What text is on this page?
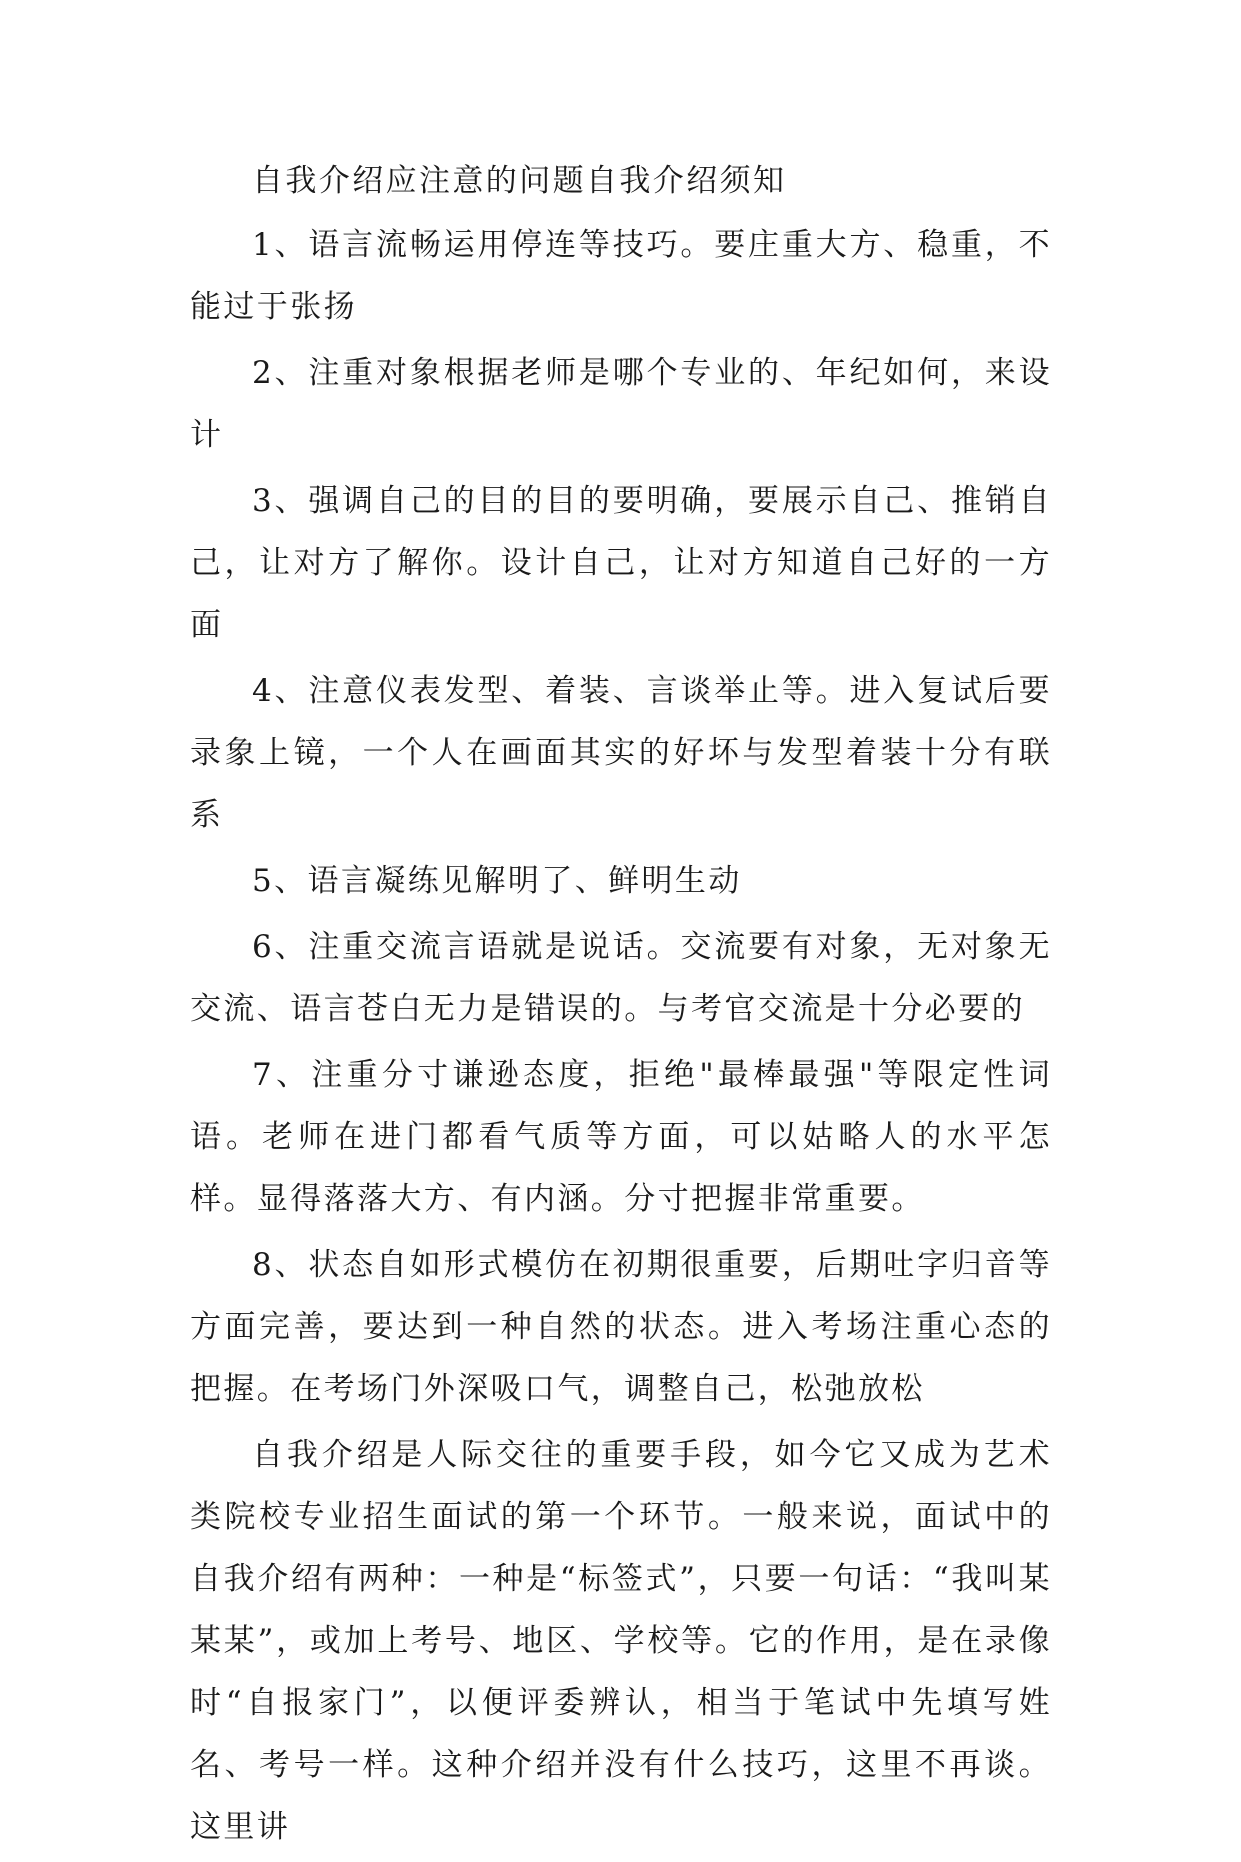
自我介绍应注意的问题自我介绍须知

1、语言流畅运用停连等技巧。要庄重大方、稳重，不能过于张扬

2、注重对象根据老师是哪个专业的、年纪如何，来设计

3、强调自己的目的目的要明确，要展示自己、推销自己，让对方了解你。设计自己，让对方知道自己好的一方面

4、注意仪表发型、着装、言谈举止等。进入复试后要录象上镜，一个人在画面其实的好坏与发型着装十分有联系

5、语言凝练见解明了、鲜明生动

6、注重交流言语就是说话。交流要有对象，无对象无交流、语言苍白无力是错误的。与考官交流是十分必要的

7、注重分寸谦逊态度，拒绝"最棒最强"等限定性词语。老师在进门都看气质等方面，可以姑略人的水平怎样。显得落落大方、有内涵。分寸把握非常重要。

8、状态自如形式模仿在初期很重要，后期吐字归音等方面完善，要达到一种自然的状态。进入考场注重心态的把握。在考场门外深吸口气，调整自己，松弛放松

自我介绍是人际交往的重要手段，如今它又成为艺术类院校专业招生面试的第一个环节。一般来说，面试中的自我介绍有两种：一种是“标签式”，只要一句话：“我叫某某某”，或加上考号、地区、学校等。它的作用，是在录像时“自报家门”，以便评委辨认，相当于笔试中先填写姓名、考号一样。这种介绍并没有什么技巧，这里不再谈。这里讲
